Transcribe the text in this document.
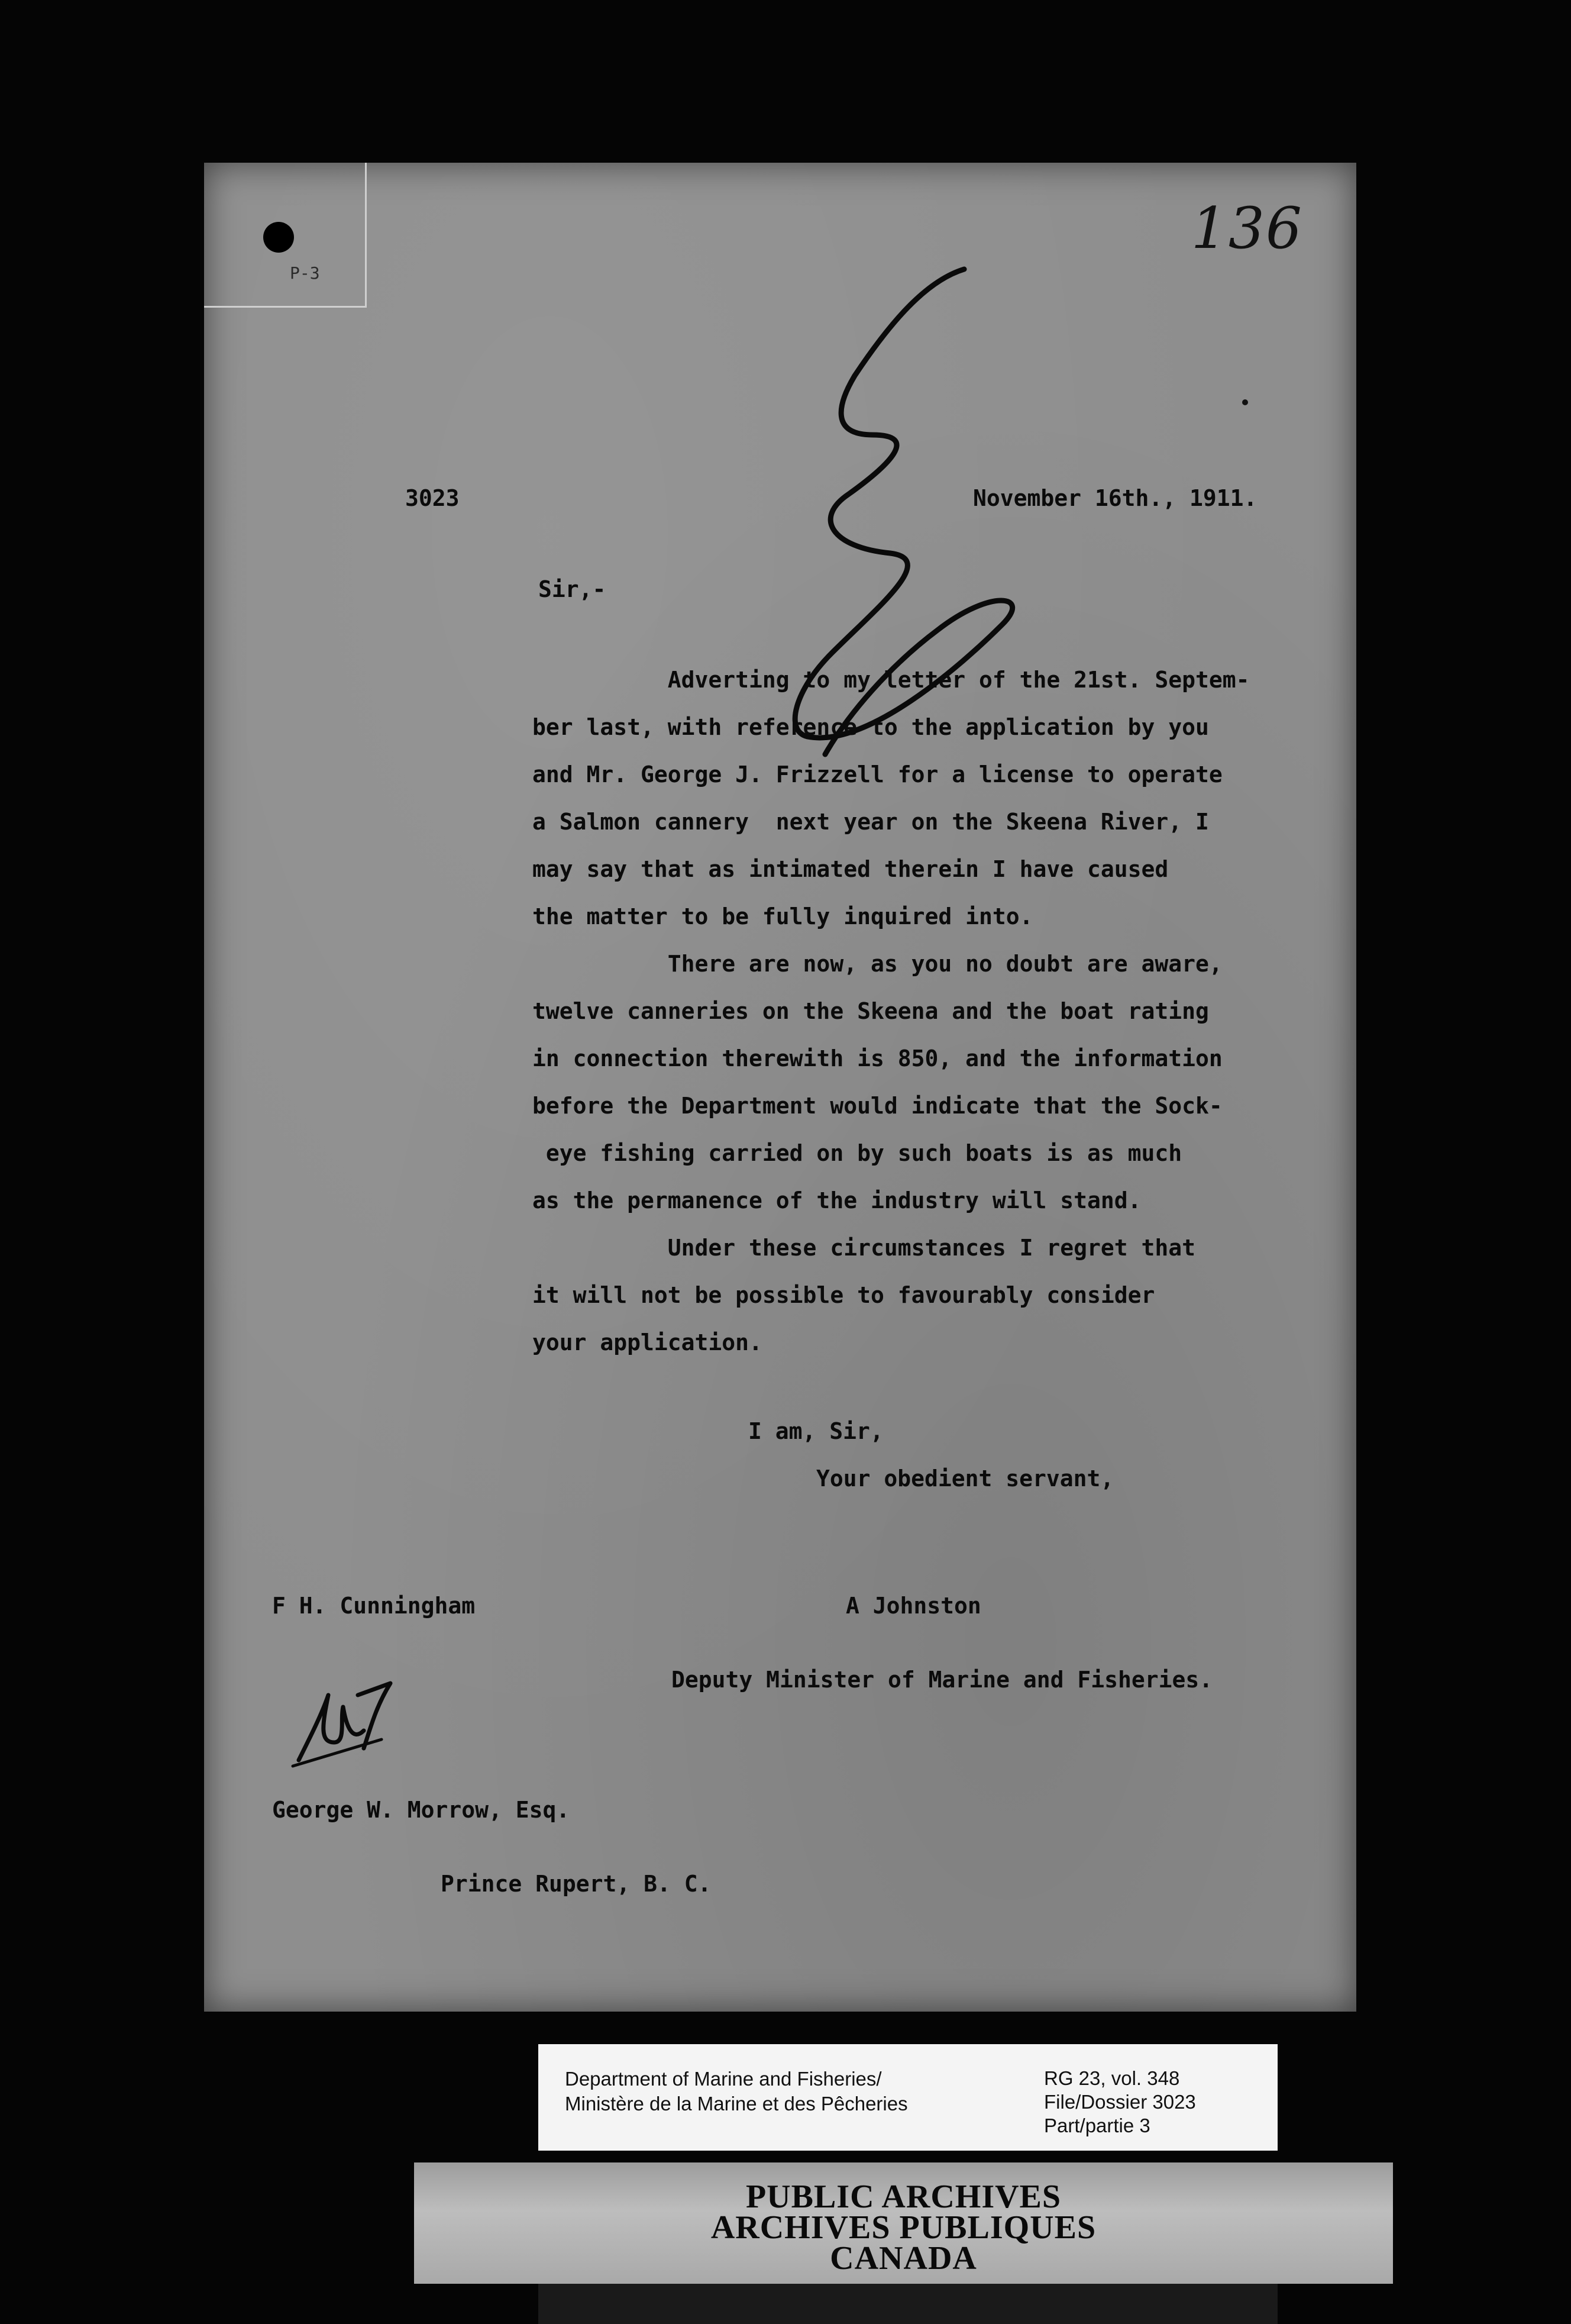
P-3
136
3023	November 16th., 1911.
Sir,-
Adverting to my letter of the 21st. Septem-
ber last, with reference to the application by you
and Mr. George J. Frizzell for a license to operate
a Salmon cannery  next year on the Skeena River, I
may say that as intimated therein I have caused
the matter to be fully inquired into.
There are now, as you no doubt are aware,
twelve canneries on the Skeena and the boat rating
in connection therewith is 850, and the information
before the Department would indicate that the Sock-
eye fishing carried on by such boats is as much
as the permanence of the industry will stand.
Under these circumstances I regret that
it will not be possible to favourably consider
your application.
I am, Sir,
Your obedient servant,
F H. Cunningham	A Johnston
Deputy Minister of Marine and Fisheries.
George W. Morrow, Esq.
Prince Rupert, B. C.
Department of Marine and Fisheries/
Ministère de la Marine et des Pêcheries
RG 23, vol. 348
File/Dossier 3023
Part/partie 3
PUBLIC ARCHIVES
ARCHIVES PUBLIQUES
CANADA
